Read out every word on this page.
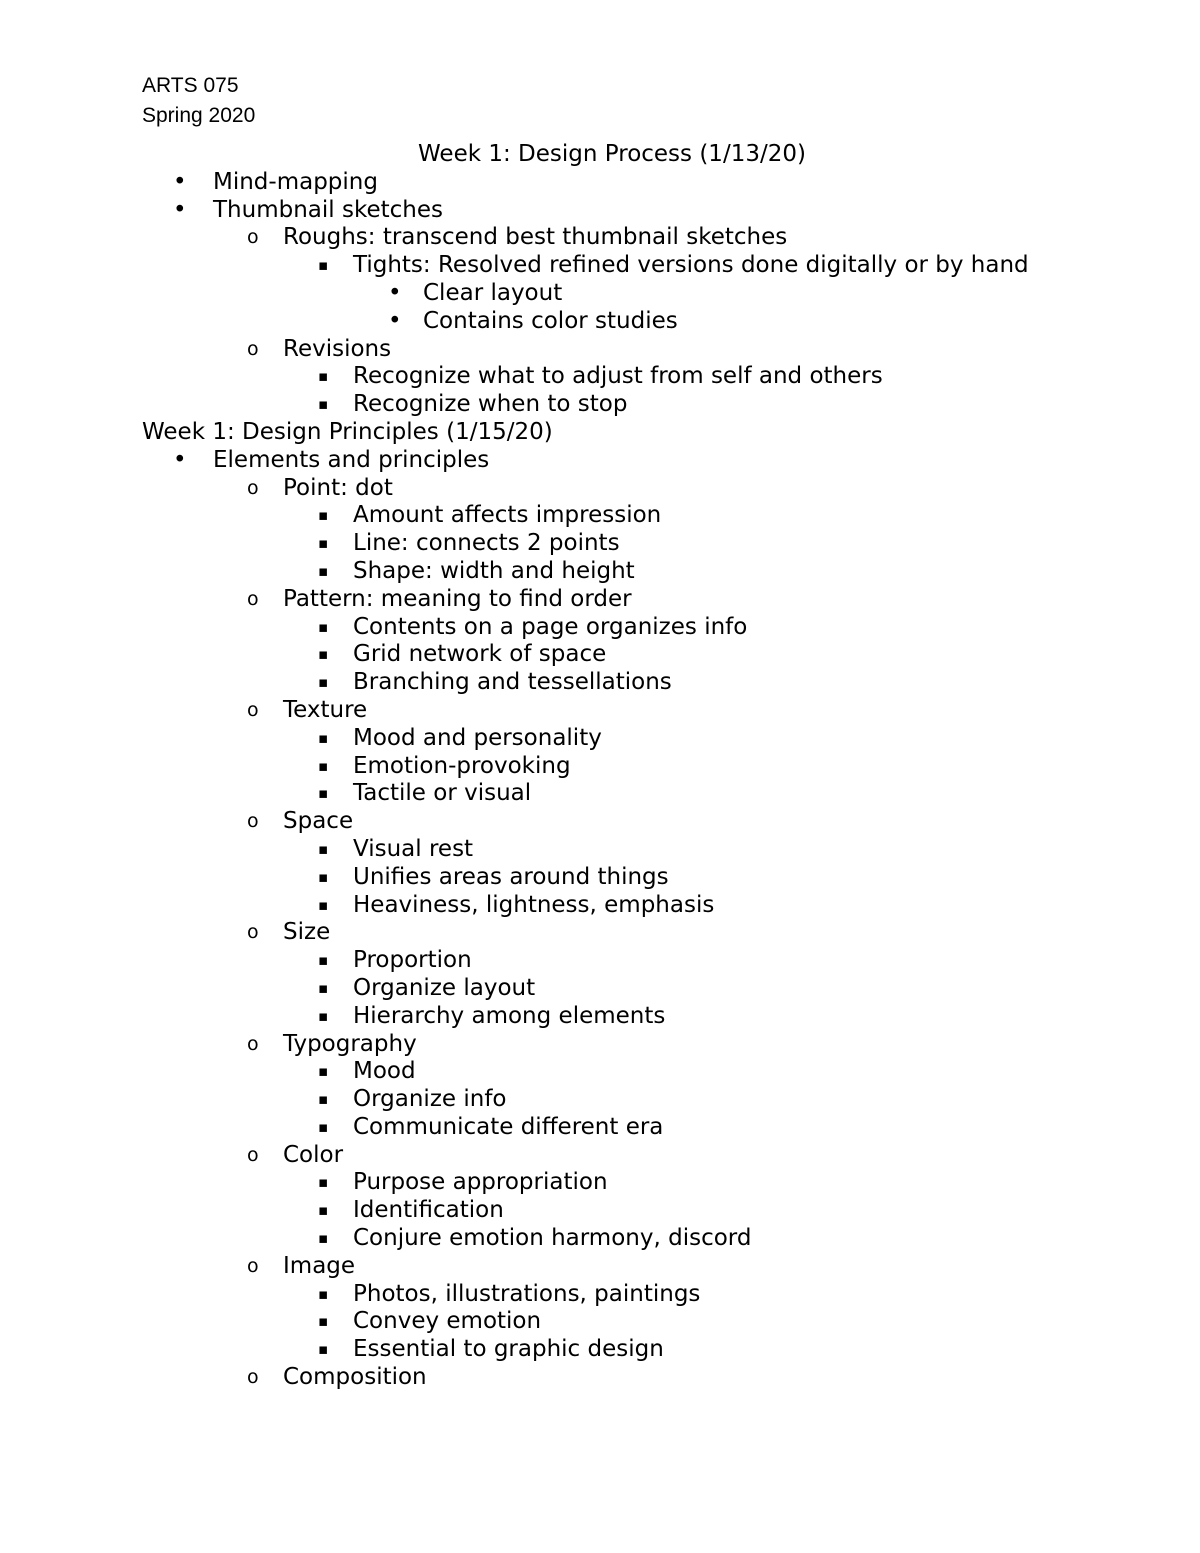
ARTS 075
Spring 2020
Week 1: Design Process (1/13/20)
• Mind-mapping
• Thumbnail sketches
o	Roughs: transcend best thumbnail sketches
▪	Tights: Resolved refined versions done digitally or by hand
• Clear layout
• Contains color studies
o	Revisions
▪	Recognize what to adjust from self and others
▪	Recognize when to stop
Week 1: Design Principles (1/15/20)
• Elements and principles
o	Point: dot
▪	Amount affects impression
▪	Line: connects 2 points
▪	Shape: width and height
o	Pattern: meaning to find order
▪	Contents on a page organizes info
▪	Grid network of space
▪	Branching and tessellations
o	Texture
▪	Mood and personality
▪	Emotion-provoking
▪	Tactile or visual
o	Space
▪	Visual rest
▪	Unifies areas around things
▪	Heaviness, lightness, emphasis
o	Size
▪	Proportion
▪	Organize layout
▪	Hierarchy among elements
o	Typography
▪	Mood
▪	Organize info
▪	Communicate different era
o	Color
▪	Purpose appropriation
▪	Identification
▪	Conjure emotion harmony, discord
o	Image
▪	Photos, illustrations, paintings
▪	Convey emotion
▪	Essential to graphic design
o	Composition
